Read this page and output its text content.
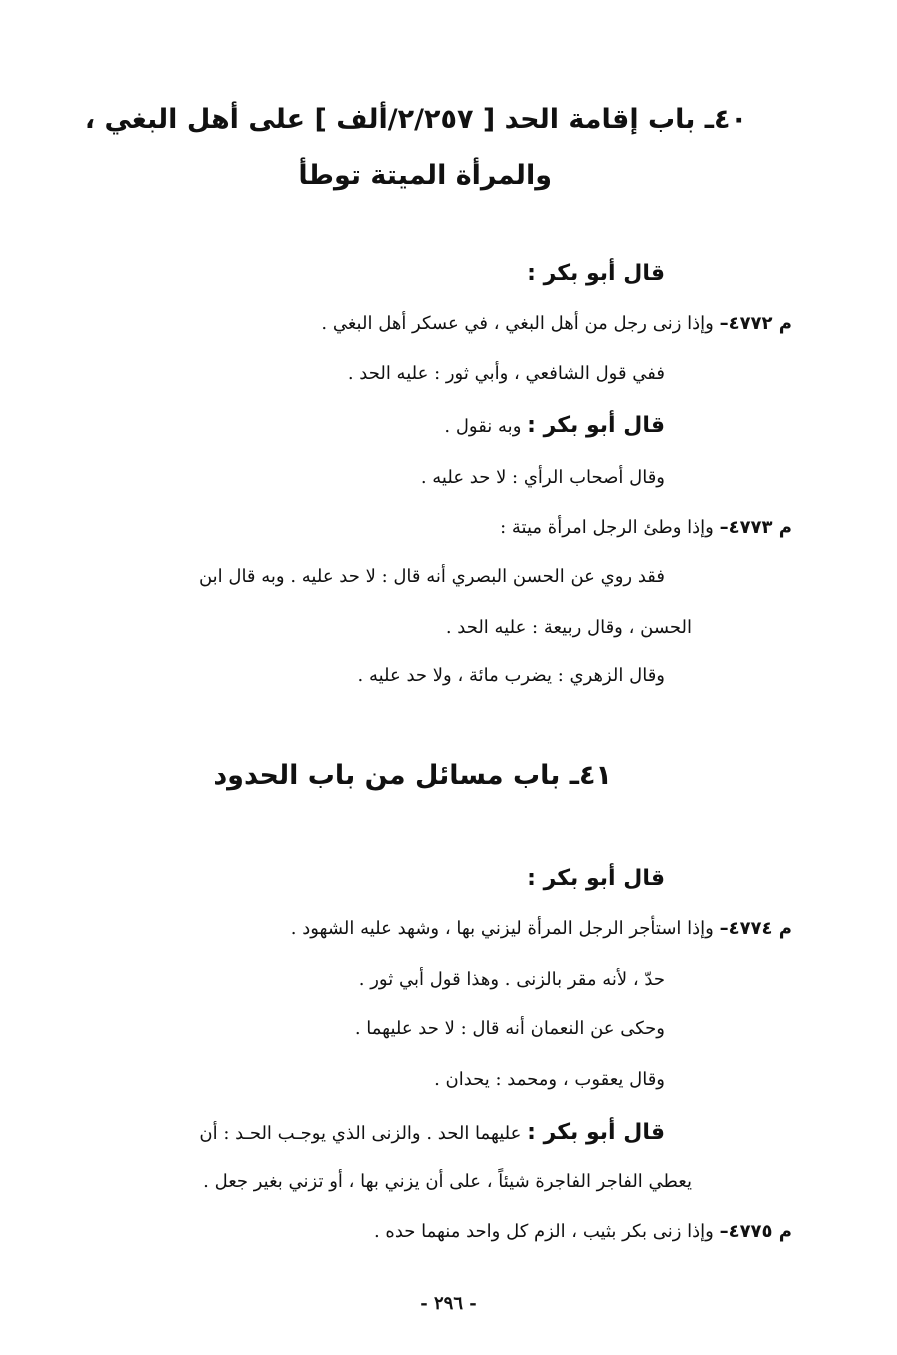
٤٠ـ باب إقامة الحد [ ٢/٢٥٧/ألف ] على أهل البغي ،
والمرأة الميتة توطأ
قال أبو بكر :
م ٤٧٧٢– وإذا زنى رجل من أهل البغي ، في عسكر أهل البغي .
ففي قول الشافعي ، وأبي ثور : عليه الحد .
قال أبو بكر : وبه نقول .
وقال أصحاب الرأي : لا حد عليه .
م ٤٧٧٣– وإذا وطئ الرجل امرأة ميتة :
فقد روي عن الحسن البصري أنه قال : لا حد عليه . وبه قال ابن
الحسن ، وقال ربيعة : عليه الحد .
وقال الزهري : يضرب مائة ، ولا حد عليه .
٤١ـ باب مسائل من باب الحدود
قال أبو بكر :
م ٤٧٧٤– وإذا استأجر الرجل المرأة ليزني بها ، وشهد عليه الشهود .
حدّ ، لأنه مقر بالزنى . وهذا قول أبي ثور .
وحكى عن النعمان أنه قال : لا حد عليهما .
وقال يعقوب ، ومحمد : يحدان .
قال أبو بكر : عليهما الحد . والزنى الذي يوجـب الحـد : أن
يعطي الفاجر الفاجرة شيئاً ، على أن يزني بها ، أو تزني بغير جعل .
م ٤٧٧٥– وإذا زنى بكر بثيب ، الزم كل واحد منهما حده .
- ٢٩٦ -
